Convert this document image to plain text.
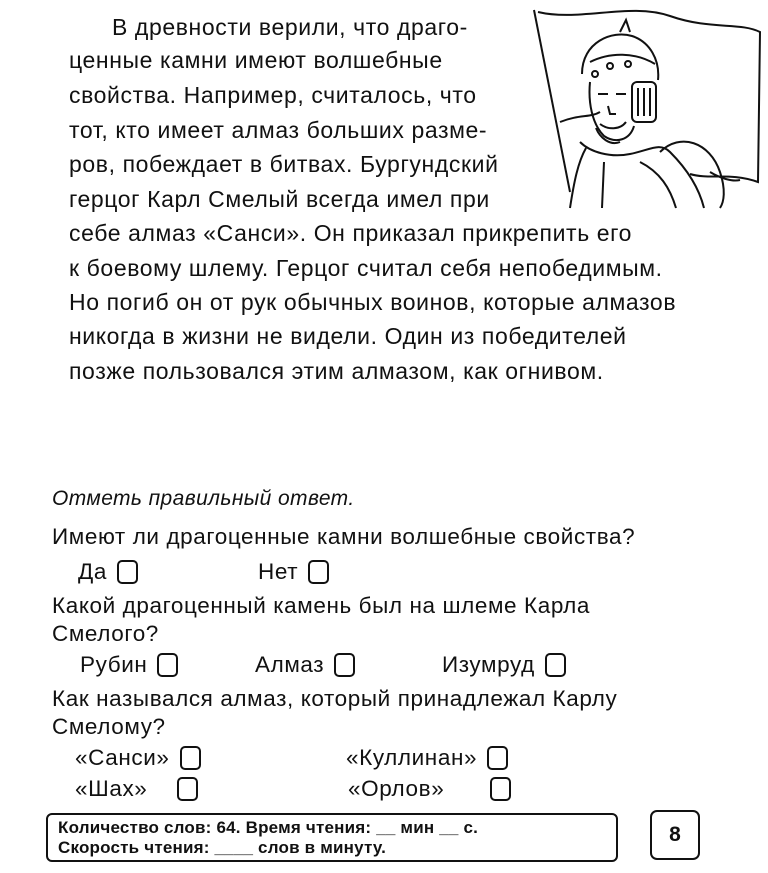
В древности верили, что драго-
ценные камни имеют волшебные
свойства. Например, считалось, что
тот, кто имеет алмаз больших разме-
ров, побеждает в битвах. Бургундский
герцог Карл Смелый всегда имел при
себе алмаз «Санси». Он приказал прикрепить его
к боевому шлему. Герцог считал себя непобедимым.
Но погиб он от рук обычных воинов, которые алмазов
никогда в жизни не видели. Один из победителей
позже пользовался этим алмазом, как огнивом.
Отметь правильный ответ.
Имеют ли драгоценные камни волшебные свойства?
Да	Нет
Какой драгоценный камень был на шлеме Карла
Смелого?
Рубин	Алмаз	Изумруд
Как назывался алмаз, который принадлежал Карлу
Смелому?
«Санси»	«Куллинан»
«Шах»	«Орлов»
Количество слов: 64. Время чтения: __ мин __ с.
Скорость чтения: ____ слов в минуту.
8
